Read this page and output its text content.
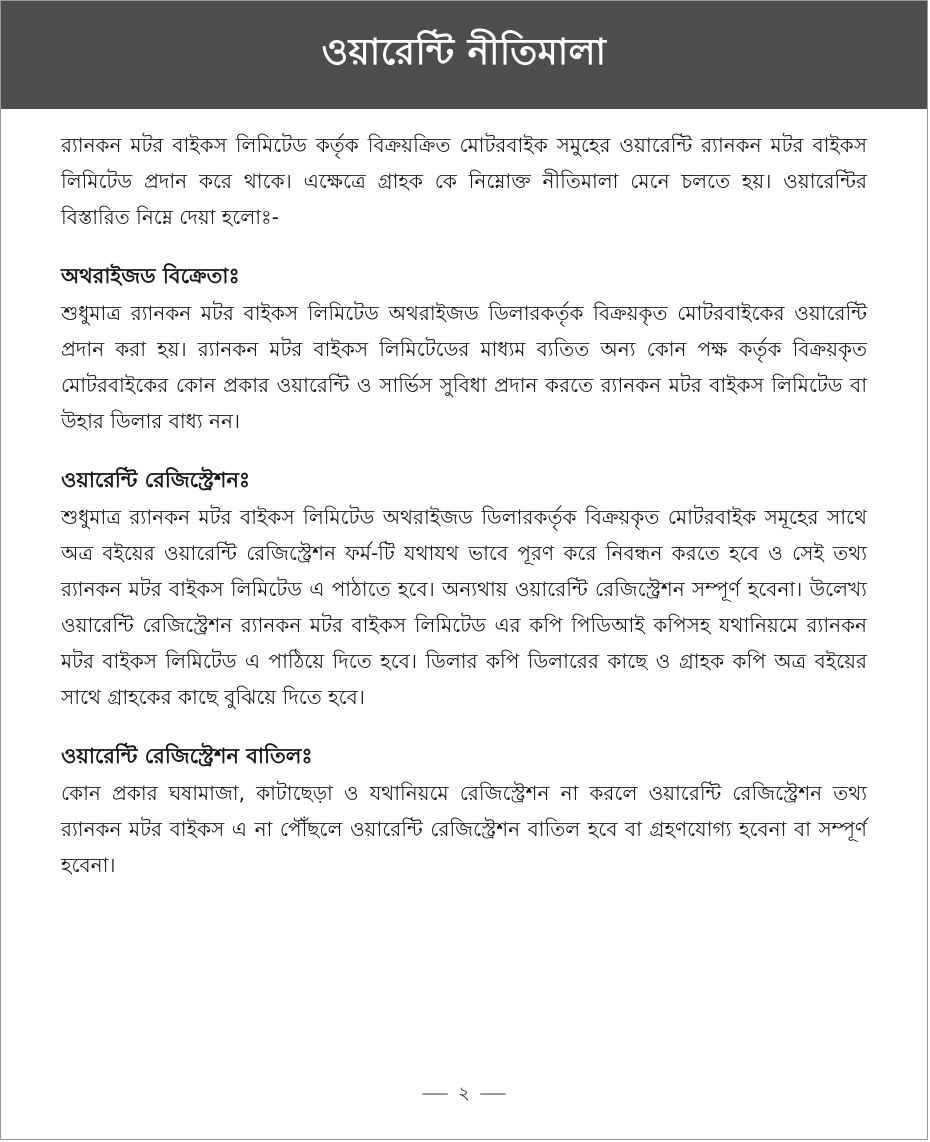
ওয়ারেন্টি নীতিমালা

র‍্যানকন মটর বাইকস লিমিটেড কর্তৃক বিক্রয়ক্রিত মোটরবাইক সমুহের ওয়ারেন্টি র‍্যানকন মটর বাইকস লিমিটেড প্রদান করে থাকে। এক্ষেত্রে গ্রাহক কে নিম্নোক্ত নীতিমালা মেনে চলতে হয়। ওয়ারেন্টির বিস্তারিত নিম্নে দেয়া হলোঃ-

অথরাইজড বিক্রেতাঃ

শুধুমাত্র র‍্যানকন মটর বাইকস লিমিটেড অথরাইজড ডিলারকর্তৃক বিক্রয়কৃত মোটরবাইকের ওয়ারেন্টি প্রদান করা হয়। র‍্যানকন মটর বাইকস লিমিটেডের মাধ্যম ব্যতিত অন্য কোন পক্ষ কর্তৃক বিক্রয়কৃত মোটরবাইকের কোন প্রকার ওয়ারেন্টি ও সার্ভিস সুবিধা প্রদান করতে র‍্যানকন মটর বাইকস লিমিটেড বা উহার ডিলার বাধ্য নন।

ওয়ারেন্টি রেজিস্ট্রেশনঃ

শুধুমাত্র র‍্যানকন মটর বাইকস লিমিটেড অথরাইজড ডিলারকর্তৃক বিক্রয়কৃত মোটরবাইক সমূহের সাথে অত্র বইয়ের ওয়ারেন্টি রেজিস্ট্রেশন ফর্ম-টি যথাযথ ভাবে পূরণ করে নিবন্ধন করতে হবে ও সেই তথ্য র‍্যানকন মটর বাইকস লিমিটেড এ পাঠাতে হবে। অন্যথায় ওয়ারেন্টি রেজিস্ট্রেশন সম্পূর্ণ হবেনা। উলেখ্য ওয়ারেন্টি রেজিস্ট্রেশন র‍্যানকন মটর বাইকস লিমিটেড এর কপি পিডিআই কপিসহ যথানিয়মে র‍্যানকন মটর বাইকস লিমিটেড এ পাঠিয়ে দিতে হবে। ডিলার কপি ডিলারের কাছে ও গ্রাহক কপি অত্র বইয়ের সাথে গ্রাহকের কাছে বুঝিয়ে দিতে হবে।

ওয়ারেন্টি রেজিস্ট্রেশন বাতিলঃ

কোন প্রকার ঘষামাজা, কাটাছেড়া ও যথানিয়মে রেজিস্ট্রেশন না করলে ওয়ারেন্টি রেজিস্ট্রেশন তথ্য র‍্যানকন মটর বাইকস এ না পৌঁছলে ওয়ারেন্টি রেজিস্ট্রেশন বাতিল হবে বা গ্রহণযোগ্য হবেনা বা সম্পূর্ণ হবেনা।

২
